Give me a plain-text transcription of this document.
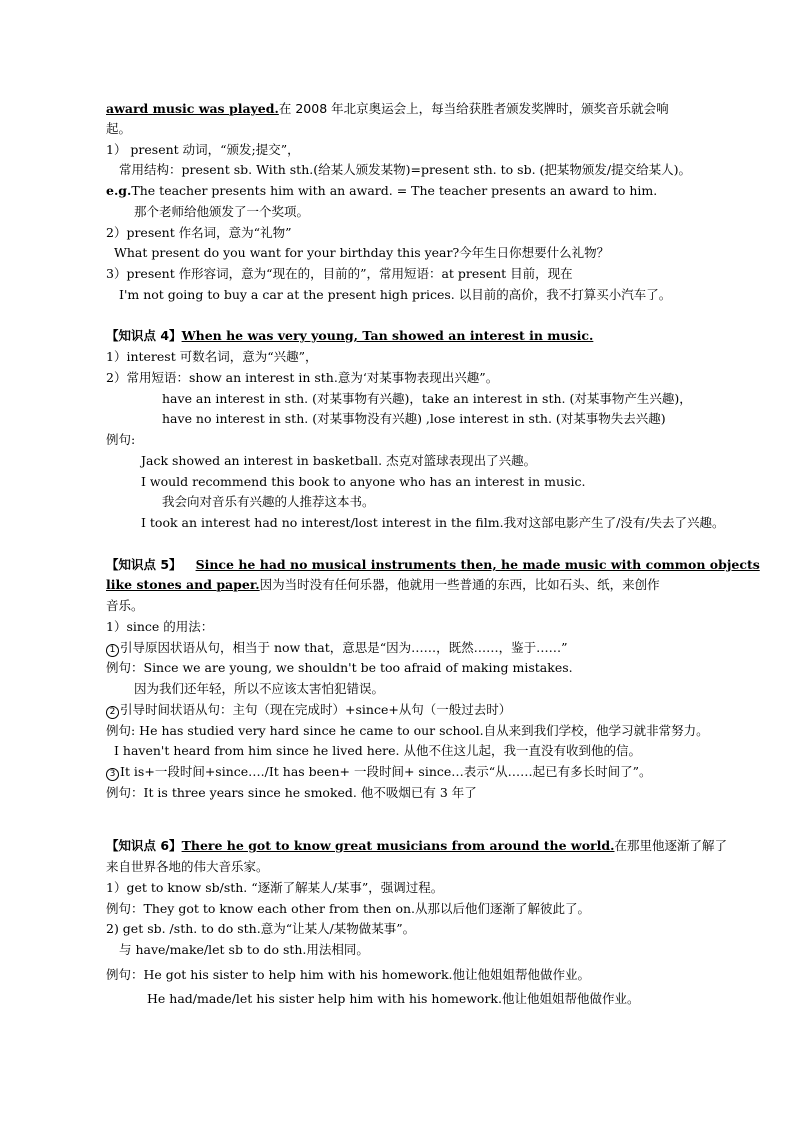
award music was played.在 2008 年北京奥运会上，每当给获胜者颁发奖牌时，颁奖音乐就会响
起。
1） present 动词，“颁发;提交”，
常用结构：present sb. With sth.(给某人颁发某物)=present sth. to sb. (把某物颁发/提交给某人)。
e.g.The teacher presents him with an award. = The teacher presents an award to him.
那个老师给他颁发了一个奖项。
2）present 作名词，意为“礼物”
What present do you want for your birthday this year?今年生日你想要什么礼物？
3）present 作形容词，意为“现在的，目前的”，常用短语：at present 目前，现在
I'm not going to buy a car at the present high prices. 以目前的高价，我不打算买小汽车了。
【知识点 4】When he was very young, Tan showed an interest in music.
1）interest 可数名词，意为“兴趣”，
2）常用短语：show an interest in sth.意为‘对某事物表现出兴趣”。
have an interest in sth. (对某事物有兴趣)，take an interest in sth. (对某事物产生兴趣)，
have no interest in sth. (对某事物没有兴趣) ,lose interest in sth. (对某事物失去兴趣)
例句:
Jack showed an interest in basketball. 杰克对篮球表现出了兴趣。
I would recommend this book to anyone who has an interest in music.
我会向对音乐有兴趣的人推荐这本书。
I took an interest had no interest/lost interest in the film.我对这部电影产生了/没有/失去了兴趣。
【知识点 5】 Since he had no musical instruments then, he made music with common objects
like stones and paper.因为当时没有任何乐器，他就用一些普通的东西，比如石头、纸，来创作
音乐。
1）since 的用法：
1 引导原因状语从句，相当于 now that，意思是“因为……，既然……，鉴于……”
例句：Since we are young, we shouldn't be too afraid of making mistakes.
因为我们还年轻，所以不应该太害怕犯错误。
2 引导时间状语从句：主句（现在完成时）+since+从句（一般过去时）
例句: He has studied very hard since he came to our school.自从来到我们学校，他学习就非常努力。
I haven't heard from him since he lived here. 从他不住这儿起，我一直没有收到他的信。
3 It is+一段时间+since…./It has been+ 一段时间+ since…表示“从……起已有多长时间了”。
例句：It is three years since he smoked. 他不吸烟已有 3 年了
【知识点 6】There he got to know great musicians from around the world.在那里他逐渐了解了
来自世界各地的伟大音乐家。
1）get to know sb/sth. “逐渐了解某人/某事”，强调过程。
例句：They got to know each other from then on.从那以后他们逐渐了解彼此了。
2) get sb. /sth. to do sth.意为“让某人/某物做某事”。
与 have/make/let sb to do sth.用法相同。
例句：He got his sister to help him with his homework.他让他姐姐帮他做作业。
He had/made/let his sister help him with his homework.他让他姐姐帮他做作业。
